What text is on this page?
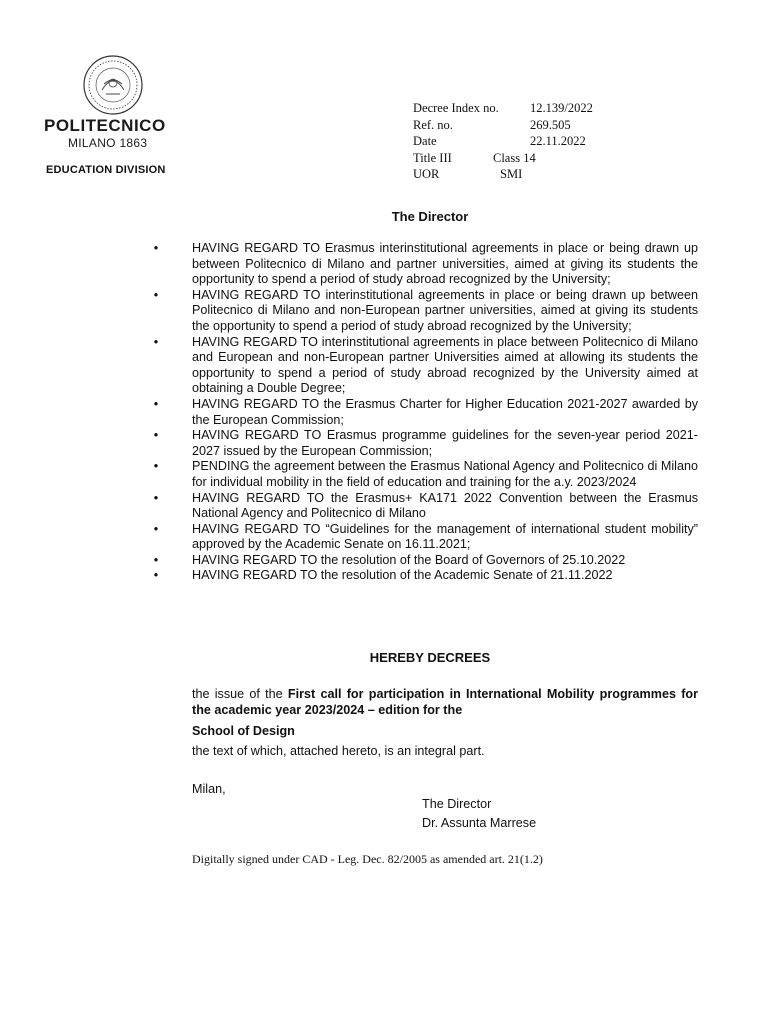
POLITECNICO
MILANO 1863
EDUCATION DIVISION
Decree Index no.	12.139/2022
Ref. no.	269.505
Date	22.11.2022
Title III	Class 14
UOR	SMI
The Director
•	HAVING REGARD TO Erasmus interinstitutional agreements in place or being drawn up between Politecnico di Milano and partner universities, aimed at giving its students the opportunity to spend a period of study abroad recognized by the University;
•	HAVING REGARD TO interinstitutional agreements in place or being drawn up between Politecnico di Milano and non-European partner universities, aimed at giving its students the opportunity to spend a period of study abroad recognized by the University;
•	HAVING REGARD TO interinstitutional agreements in place between Politecnico di Milano and European and non-European partner Universities aimed at allowing its students the opportunity to spend a period of study abroad recognized by the University aimed at obtaining a Double Degree;
•	HAVING REGARD TO the Erasmus Charter for Higher Education 2021-2027 awarded by the European Commission;
•	HAVING REGARD TO Erasmus programme guidelines for the seven-year period 2021-2027 issued by the European Commission;
•	PENDING the agreement between the Erasmus National Agency and Politecnico di Milano for individual mobility in the field of education and training for the a.y. 2023/2024
•	HAVING REGARD TO the Erasmus+ KA171 2022 Convention between the Erasmus National Agency and Politecnico di Milano
•	HAVING REGARD TO “Guidelines for the management of international student mobility” approved by the Academic Senate on 16.11.2021;
•	HAVING REGARD TO the resolution of the Board of Governors of 25.10.2022
•	HAVING REGARD TO the resolution of the Academic Senate of 21.11.2022
HEREBY DECREES
the issue of the First call for participation in International Mobility programmes for the academic year 2023/2024 – edition for the
School of Design
the text of which, attached hereto, is an integral part.
Milan,
The Director
Dr. Assunta Marrese
Digitally signed under CAD - Leg. Dec. 82/2005 as amended art. 21(1.2)
